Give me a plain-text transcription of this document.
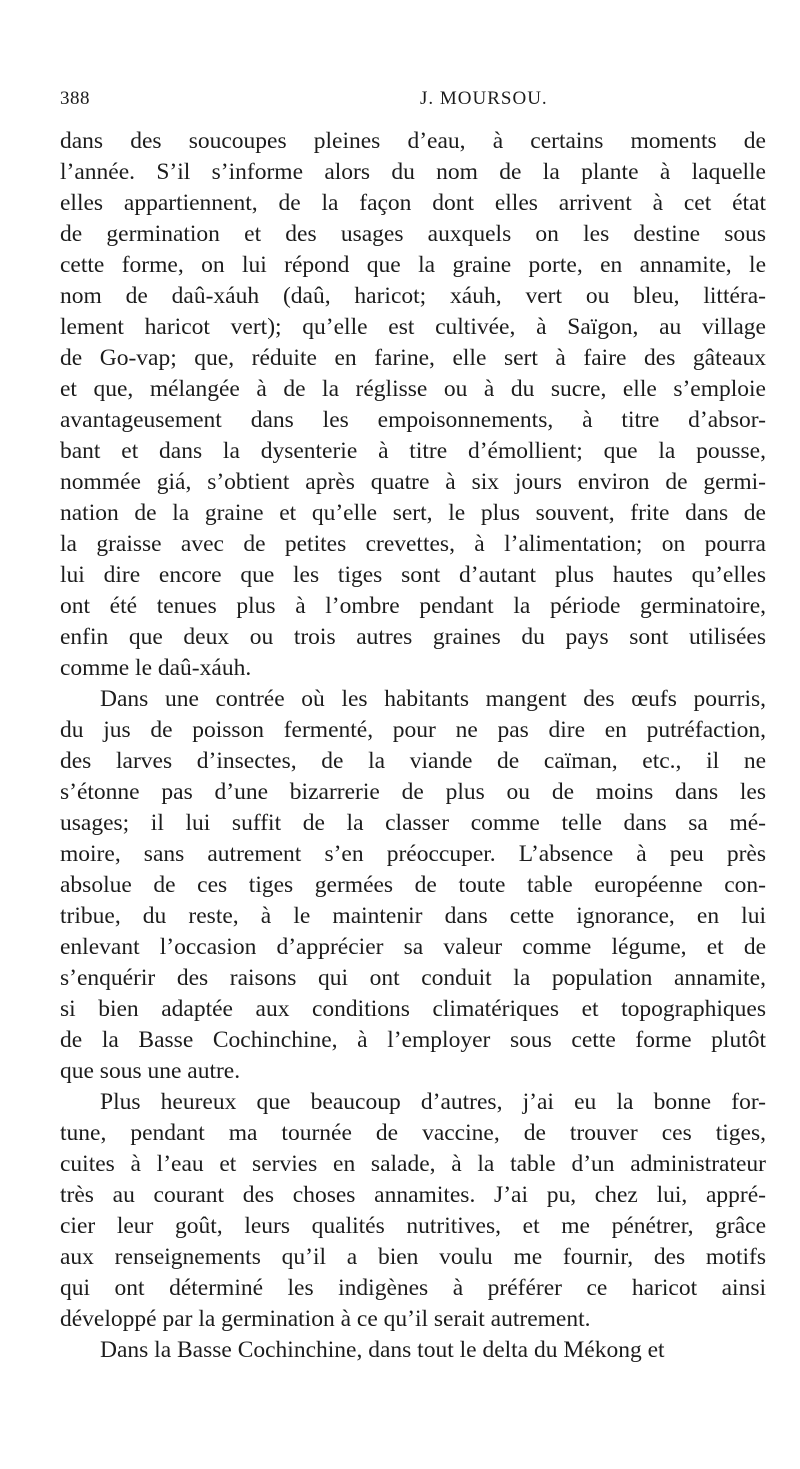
388	J. MOURSOU.
dans des soucoupes pleines d’eau, à certains moments de
l’année. S’il s’informe alors du nom de la plante à laquelle
elles appartiennent, de la façon dont elles arrivent à cet état
de germination et des usages auxquels on les destine sous
cette forme, on lui répond que la graine porte, en annamite, le
nom de daû-xáuh (daû, haricot; xáuh, vert ou bleu, littéra-
lement haricot vert); qu’elle est cultivée, à Saïgon, au village
de Go-vap; que, réduite en farine, elle sert à faire des gâteaux
et que, mélangée à de la réglisse ou à du sucre, elle s’emploie
avantageusement dans les empoisonnements, à titre d’absor-
bant et dans la dysenterie à titre d’émollient; que la pousse,
nommée giá, s’obtient après quatre à six jours environ de germi-
nation de la graine et qu’elle sert, le plus souvent, frite dans de
la graisse avec de petites crevettes, à l’alimentation; on pourra
lui dire encore que les tiges sont d’autant plus hautes qu’elles
ont été tenues plus à l’ombre pendant la période germinatoire,
enfin que deux ou trois autres graines du pays sont utilisées
comme le daû-xáuh.
Dans une contrée où les habitants mangent des œufs pourris,
du jus de poisson fermenté, pour ne pas dire en putréfaction,
des larves d’insectes, de la viande de caïman, etc., il ne
s’étonne pas d’une bizarrerie de plus ou de moins dans les
usages; il lui suffit de la classer comme telle dans sa mé-
moire, sans autrement s’en préoccuper. L’absence à peu près
absolue de ces tiges germées de toute table européenne con-
tribue, du reste, à le maintenir dans cette ignorance, en lui
enlevant l’occasion d’apprécier sa valeur comme légume, et de
s’enquérir des raisons qui ont conduit la population annamite,
si bien adaptée aux conditions climatériques et topographiques
de la Basse Cochinchine, à l’employer sous cette forme plutôt
que sous une autre.
Plus heureux que beaucoup d’autres, j’ai eu la bonne for-
tune, pendant ma tournée de vaccine, de trouver ces tiges,
cuites à l’eau et servies en salade, à la table d’un administrateur
très au courant des choses annamites. J’ai pu, chez lui, appré-
cier leur goût, leurs qualités nutritives, et me pénétrer, grâce
aux renseignements qu’il a bien voulu me fournir, des motifs
qui ont déterminé les indigènes à préférer ce haricot ainsi
développé par la germination à ce qu’il serait autrement.
Dans la Basse Cochinchine, dans tout le delta du Mékong et
